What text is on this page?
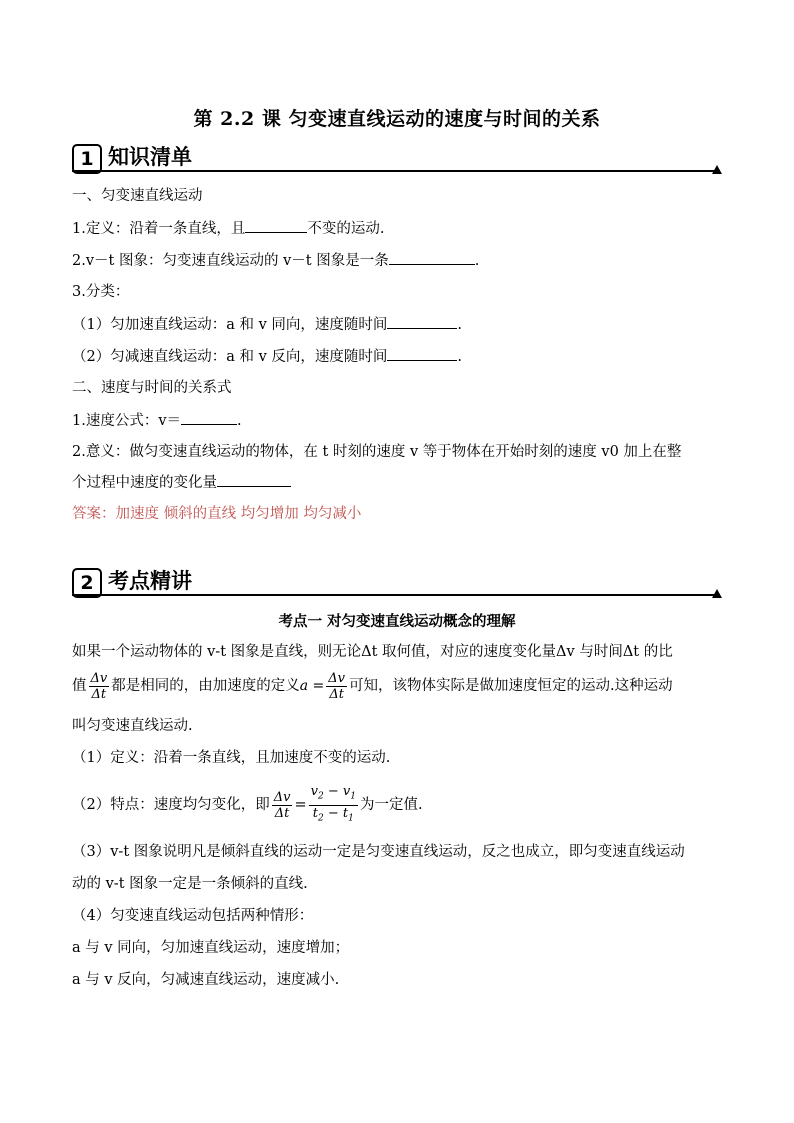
第 2.2 课 匀变速直线运动的速度与时间的关系
1 知识清单
一、匀变速直线运动
1.定义：沿着一条直线，且	不变的运动.
2.v－t 图象：匀变速直线运动的 v－t 图象是一条	.
3.分类：
（1）匀加速直线运动：a 和 v 同向，速度随时间	.
（2）匀减速直线运动：a 和 v 反向，速度随时间	.
二、速度与时间的关系式
1.速度公式：v＝	.
2.意义：做匀变速直线运动的物体，在 t 时刻的速度 v 等于物体在开始时刻的速度 v0 加上在整
个过程中速度的变化量
答案：加速度 倾斜的直线 均匀增加 均匀减小
2 考点精讲
考点一 对匀变速直线运动概念的理解
如果一个运动物体的 v-t 图象是直线，则无论Δt 取何值，对应的速度变化量Δv 与时间Δt 的比
值 $\frac{\Delta v}{\Delta t}$ 都是相同的，由加速度的定义$a = \frac{\Delta v}{\Delta t}$ 可知，该物体实际是做加速度恒定的运动.这种运动
叫匀变速直线运动.
（1）定义：沿着一条直线，且加速度不变的运动.
（2）特点：速度均匀变化，即 $\frac{\Delta v}{\Delta t} = \frac{v_2 - v_1}{t_2 - t_1}$ 为一定值.
（3）v-t 图象说明凡是倾斜直线的运动一定是匀变速直线运动，反之也成立，即匀变速直线运动
动的 v-t 图象一定是一条倾斜的直线.
（4）匀变速直线运动包括两种情形：
a 与 v 同向，匀加速直线运动，速度增加；
a 与 v 反向，匀减速直线运动，速度减小.
